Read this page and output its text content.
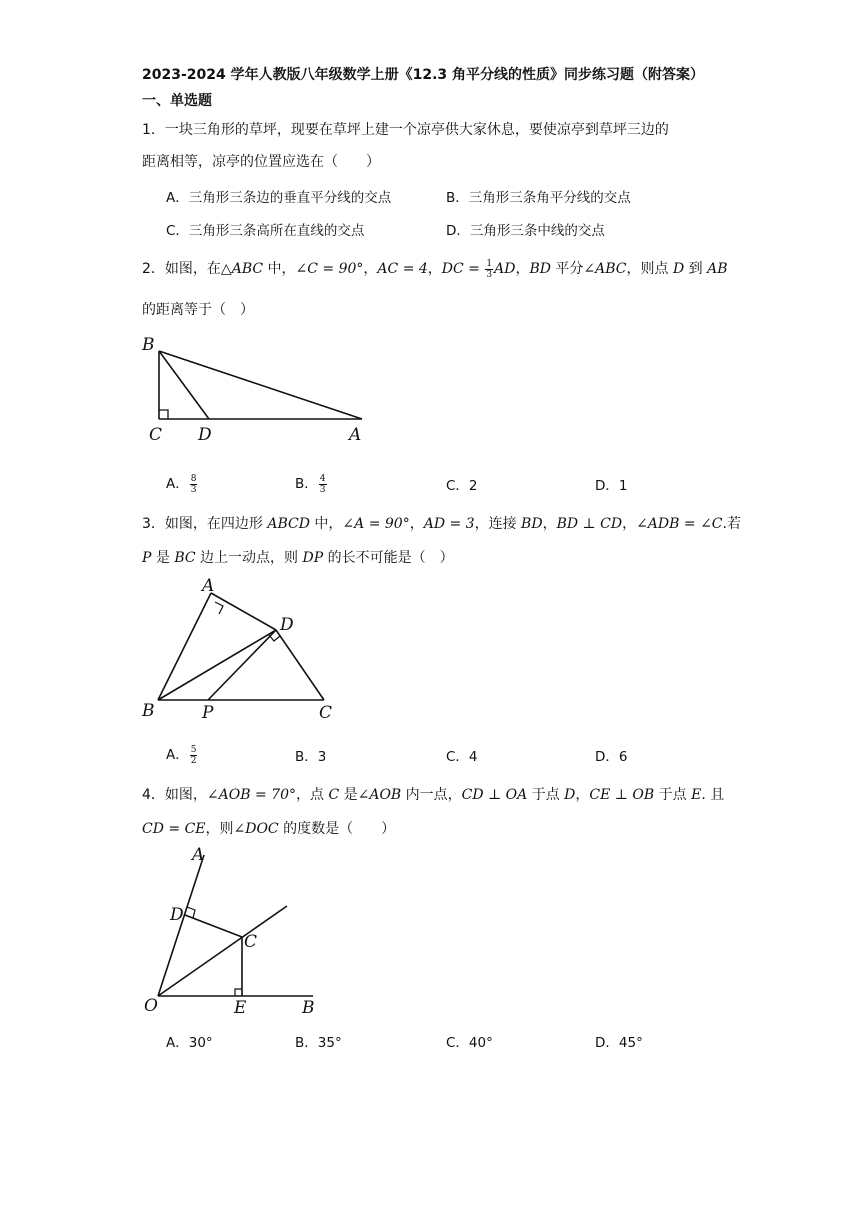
2023-2024 学年人教版八年级数学上册《12.3 角平分线的性质》同步练习题（附答案）
一、单选题
1．一块三角形的草坪，现要在草坪上建一个凉亭供大家休息，要使凉亭到草坪三边的
距离相等，凉亭的位置应选在（　　）
A．三角形三条边的垂直平分线的交点	B．三角形三条角平分线的交点
C．三角形三条高所在直线的交点	D．三角形三条中线的交点
2．如图，在△ABC 中，∠C = 90°，AC = 4，DC = $\frac{1}{3}$ AD，BD 平分∠ABC，则点 D 到 AB
的距离等于（　）
B
C D	A
A． $\frac{8}{3}$	B． $\frac{4}{3}$	C．2	D．1
3．如图，在四边形 ABCD 中，∠A = 90°，AD = 3，连接 BD，BD ⊥ CD，∠ADB = ∠C.若
P 是 BC 边上一动点，则 DP 的长不可能是（　）
A
D
B	P	C
A． $\frac{5}{2}$	B．3	C．4	D．6
4．如图，∠AOB = 70°，点 C 是∠AOB 内一点，CD ⊥ OA 于点 D，CE ⊥ OB 于点 E. 且
CD = CE，则∠DOC 的度数是（　　）
A
D
C
O	E	B
A．30°	B．35°	C．40°	D．45°
